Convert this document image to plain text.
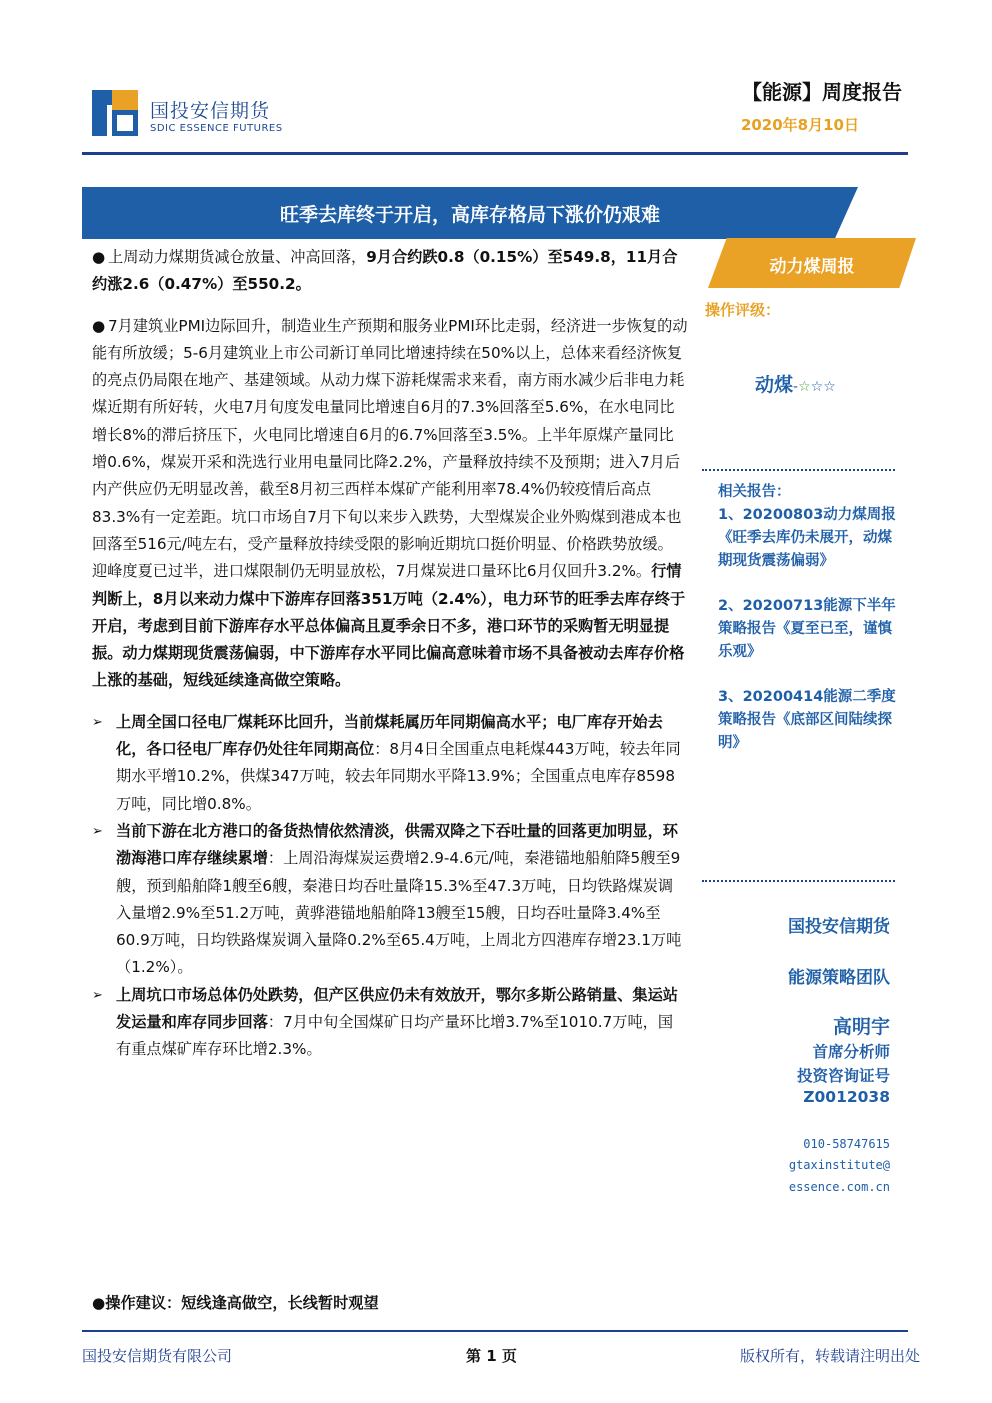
国投安信期货
SDIC ESSENCE FUTURES
【能源】周度报告
2020年8月10日
旺季去库终于开启，高库存格局下涨价仍艰难
动力煤周报
操作评级：
动煤-☆☆☆
相关报告：
1、20200803动力煤周报《旺季去库仍未展开，动煤期现货震荡偏弱》
2、20200713能源下半年策略报告《夏至已至，谨慎乐观》
3、20200414能源二季度策略报告《底部区间陆续探明》
国投安信期货
能源策略团队
高明宇
首席分析师
投资咨询证号
Z0012038
010-58747615
gtaxinstitute@
essence.com.cn

● 上周动力煤期货减仓放量、冲高回落，9月合约跌0.8（0.15%）至549.8，11月合约涨2.6（0.47%）至550.2。

● 7月建筑业PMI边际回升，制造业生产预期和服务业PMI环比走弱，经济进一步恢复的动能有所放缓；5-6月建筑业上市公司新订单同比增速持续在50%以上，总体来看经济恢复的亮点仍局限在地产、基建领域。从动力煤下游耗煤需求来看，南方雨水减少后非电力耗煤近期有所好转，火电7月旬度发电量同比增速自6月的7.3%回落至5.6%，在水电同比增长8%的滞后挤压下，火电同比增速自6月的6.7%回落至3.5%。上半年原煤产量同比增0.6%，煤炭开采和洗选行业用电量同比降2.2%，产量释放持续不及预期；进入7月后内产供应仍无明显改善，截至8月初三西样本煤矿产能利用率78.4%仍较疫情后高点83.3%有一定差距。坑口市场自7月下旬以来步入跌势，大型煤炭企业外购煤到港成本也回落至516元/吨左右，受产量释放持续受限的影响近期坑口挺价明显、价格跌势放缓。迎峰度夏已过半，进口煤限制仍无明显放松，7月煤炭进口量环比6月仅回升3.2%。行情判断上，8月以来动力煤中下游库存回落351万吨（2.4%），电力环节的旺季去库存终于开启，考虑到目前下游库存水平总体偏高且夏季余日不多，港口环节的采购暂无明显提振。动力煤期现货震荡偏弱，中下游库存水平同比偏高意味着市场不具备被动去库存价格上涨的基础，短线延续逢高做空策略。

➢ 上周全国口径电厂煤耗环比回升，当前煤耗属历年同期偏高水平；电厂库存开始去化，各口径电厂库存仍处往年同期高位：8月4日全国重点电耗煤443万吨，较去年同期水平增10.2%，供煤347万吨，较去年同期水平降13.9%；全国重点电库存8598万吨，同比增0.8%。

➢ 当前下游在北方港口的备货热情依然清淡，供需双降之下吞吐量的回落更加明显，环渤海港口库存继续累增：上周沿海煤炭运费增2.9-4.6元/吨，秦港锚地船舶降5艘至9艘，预到船舶降1艘至6艘，秦港日均吞吐量降15.3%至47.3万吨，日均铁路煤炭调入量增2.9%至51.2万吨，黄骅港锚地船舶降13艘至15艘，日均吞吐量降3.4%至60.9万吨，日均铁路煤炭调入量降0.2%至65.4万吨，上周北方四港库存增23.1万吨（1.2%）。

➢ 上周坑口市场总体仍处跌势，但产区供应仍未有效放开，鄂尔多斯公路销量、集运站发运量和库存同步回落：7月中旬全国煤矿日均产量环比增3.7%至1010.7万吨，国有重点煤矿库存环比增2.3%。

●操作建议：短线逢高做空，长线暂时观望
国投安信期货有限公司	第 1 页	版权所有，转载请注明出处
